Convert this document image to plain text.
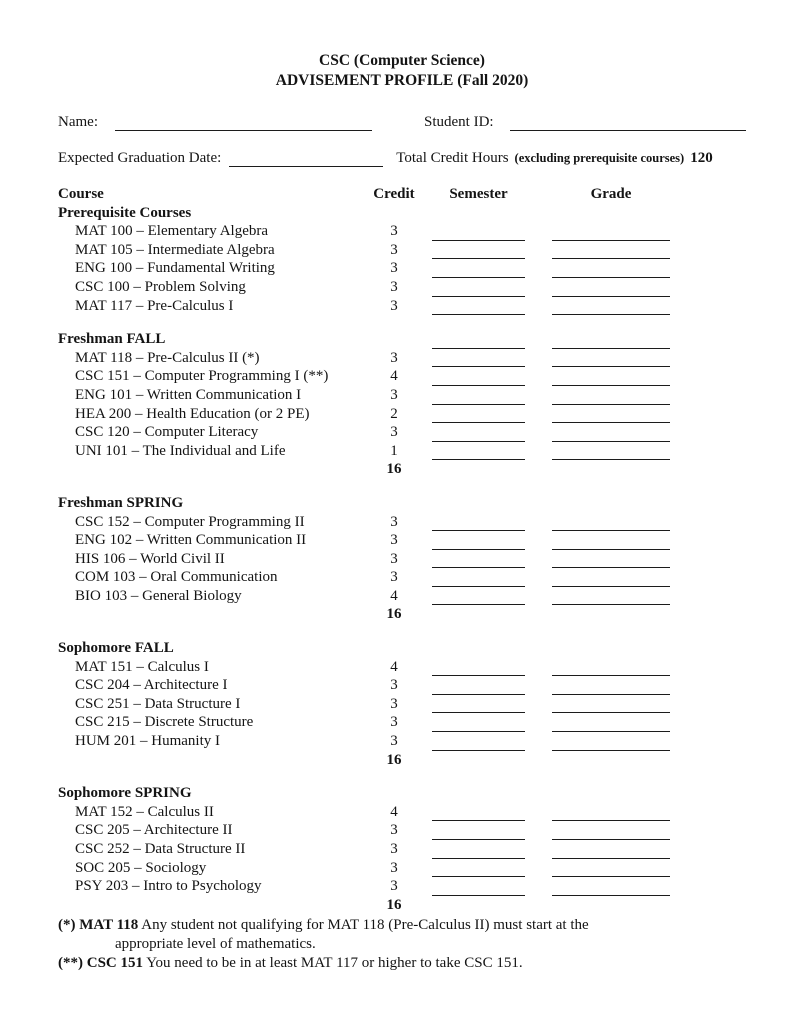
CSC (Computer Science)
ADVISEMENT PROFILE (Fall 2020)
Name:	Student ID:
Expected Graduation Date:	Total Credit Hours (excluding prerequisite courses) 120
Course	Credit	Semester	Grade
Prerequisite Courses
MAT 100 – Elementary Algebra	3
MAT 105 – Intermediate Algebra	3
ENG 100 – Fundamental Writing	3
CSC 100 – Problem Solving	3
MAT 117 – Pre-Calculus I	3
Freshman FALL
MAT 118 – Pre-Calculus II (*)	3
CSC 151 – Computer Programming I (**)	4
ENG 101 – Written Communication I	3
HEA 200 – Health Education (or 2 PE)	2
CSC 120 – Computer Literacy	3
UNI 101 – The Individual and Life	1
16
Freshman SPRING
CSC 152 – Computer Programming II	3
ENG 102 – Written Communication II	3
HIS 106 – World Civil II	3
COM 103 – Oral Communication	3
BIO 103 – General Biology	4
16
Sophomore FALL
MAT 151 – Calculus I	4
CSC 204 – Architecture I	3
CSC 251 – Data Structure I	3
CSC 215 – Discrete Structure	3
HUM 201 – Humanity I	3
16
Sophomore SPRING
MAT 152 – Calculus II	4
CSC 205 – Architecture II	3
CSC 252 – Data Structure II	3
SOC 205 – Sociology	3
PSY 203 – Intro to Psychology	3
16
(*) MAT 118 Any student not qualifying for MAT 118 (Pre-Calculus II) must start at the
appropriate level of mathematics.
(**) CSC 151 You need to be in at least MAT 117 or higher to take CSC 151.
